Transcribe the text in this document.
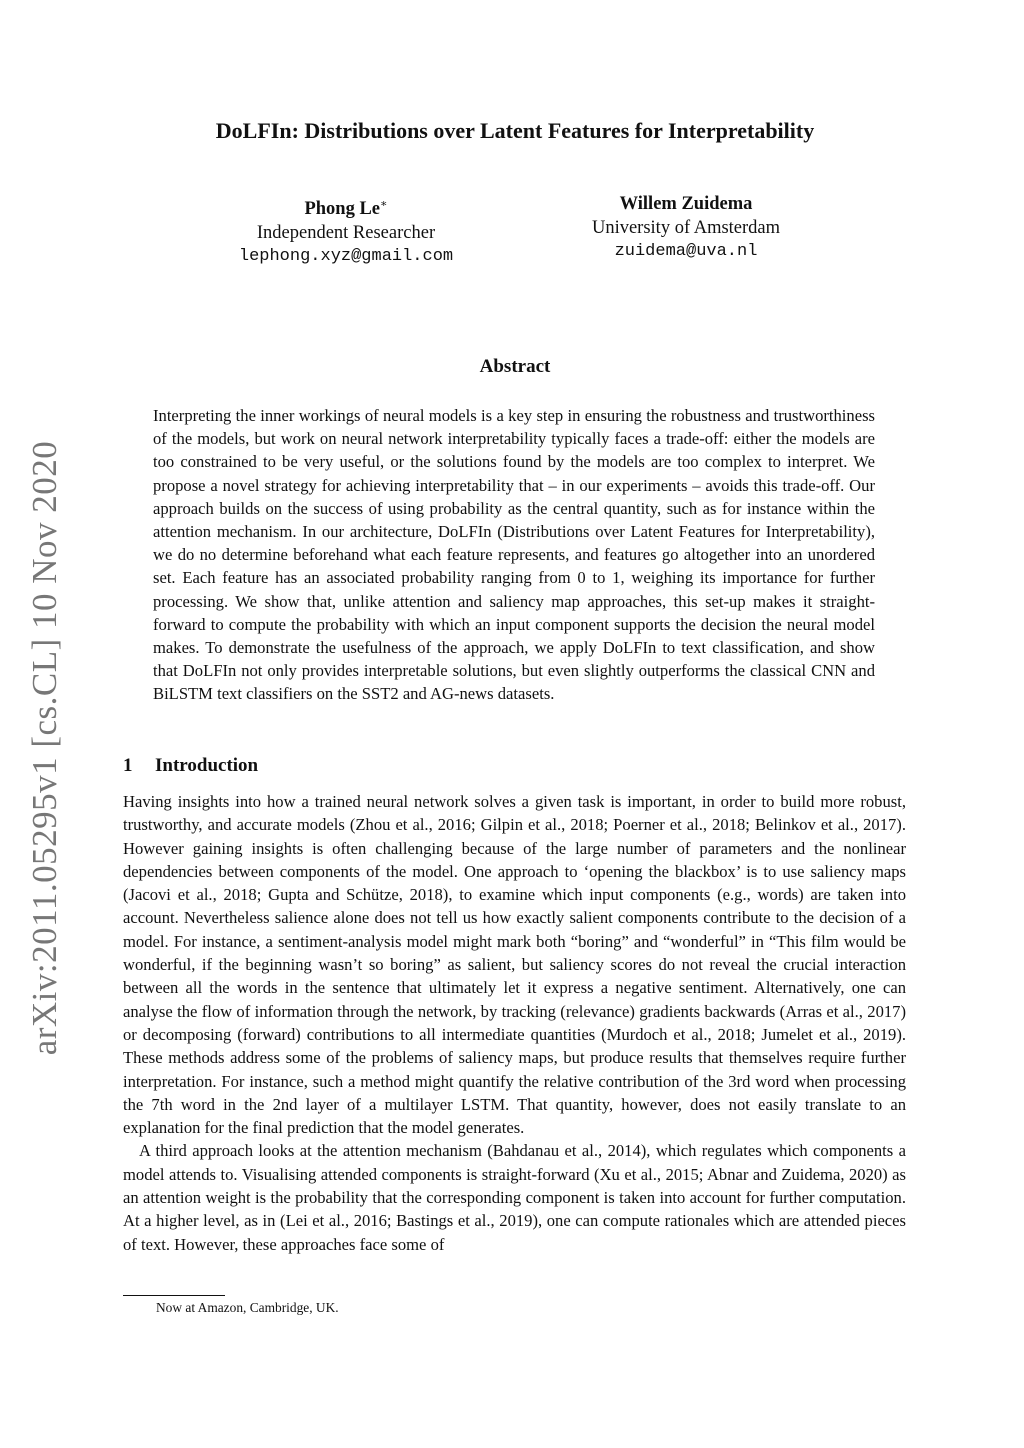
arXiv:2011.05295v1 [cs.CL] 10 Nov 2020
DoLFIn: Distributions over Latent Features for Interpretability
Phong Le∗
Independent Researcher
lephong.xyz@gmail.com
Willem Zuidema
University of Amsterdam
zuidema@uva.nl
Abstract

Interpreting the inner workings of neural models is a key step in ensuring the robustness and trustworthiness of the models, but work on neural network interpretability typically faces a trade-off: either the models are too constrained to be very useful, or the solutions found by the models are too complex to interpret. We propose a novel strategy for achieving interpretability that – in our experiments – avoids this trade-off. Our approach builds on the success of using probability as the central quantity, such as for instance within the attention mechanism. In our architecture, DoLFIn (Distributions over Latent Features for Interpretability), we do no determine beforehand what each feature represents, and features go altogether into an unordered set. Each feature has an associated probability ranging from 0 to 1, weighing its importance for further processing. We show that, unlike attention and saliency map approaches, this set-up makes it straight-forward to compute the probability with which an input component supports the decision the neural model makes. To demonstrate the usefulness of the approach, we apply DoLFIn to text classification, and show that DoLFIn not only provides interpretable solutions, but even slightly outperforms the classical CNN and BiLSTM text classifiers on the SST2 and AG-news datasets.

1 Introduction

Having insights into how a trained neural network solves a given task is important, in order to build more robust, trustworthy, and accurate models (Zhou et al., 2016; Gilpin et al., 2018; Poerner et al., 2018; Belinkov et al., 2017). However gaining insights is often challenging because of the large number of parameters and the nonlinear dependencies between components of the model. One approach to ‘opening the blackbox’ is to use saliency maps (Jacovi et al., 2018; Gupta and Schütze, 2018), to examine which input components (e.g., words) are taken into account. Nevertheless salience alone does not tell us how exactly salient components contribute to the decision of a model. For instance, a sentiment-analysis model might mark both “boring” and “wonderful” in “This film would be wonderful, if the beginning wasn’t so boring” as salient, but saliency scores do not reveal the crucial interaction between all the words in the sentence that ultimately let it express a negative sentiment. Alternatively, one can analyse the flow of information through the network, by tracking (relevance) gradients backwards (Arras et al., 2017) or decomposing (forward) contributions to all intermediate quantities (Murdoch et al., 2018; Jumelet et al., 2019). These methods address some of the problems of saliency maps, but produce results that themselves require further interpretation. For instance, such a method might quantify the relative contribution of the 3rd word when processing the 7th word in the 2nd layer of a multilayer LSTM. That quantity, however, does not easily translate to an explanation for the final prediction that the model generates.

A third approach looks at the attention mechanism (Bahdanau et al., 2014), which regulates which components a model attends to. Visualising attended components is straight-forward (Xu et al., 2015; Abnar and Zuidema, 2020) as an attention weight is the probability that the corresponding component is taken into account for further computation. At a higher level, as in (Lei et al., 2016; Bastings et al., 2019), one can compute rationales which are attended pieces of text. However, these approaches face some of

Now at Amazon, Cambridge, UK.
